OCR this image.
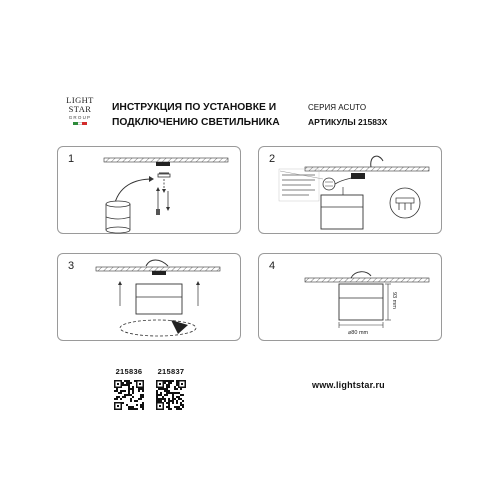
LIGHT
STAR
GROUP
ИНСТРУКЦИЯ ПО УСТАНОВКЕ И
ПОДКЛЮЧЕНИЮ СВЕТИЛЬНИКА
СЕРИЯ ACUTO
АРТИКУЛЫ 21583X
1	2
3	4
93 mm
⌀80 mm
215836 215837
www.lightstar.ru
